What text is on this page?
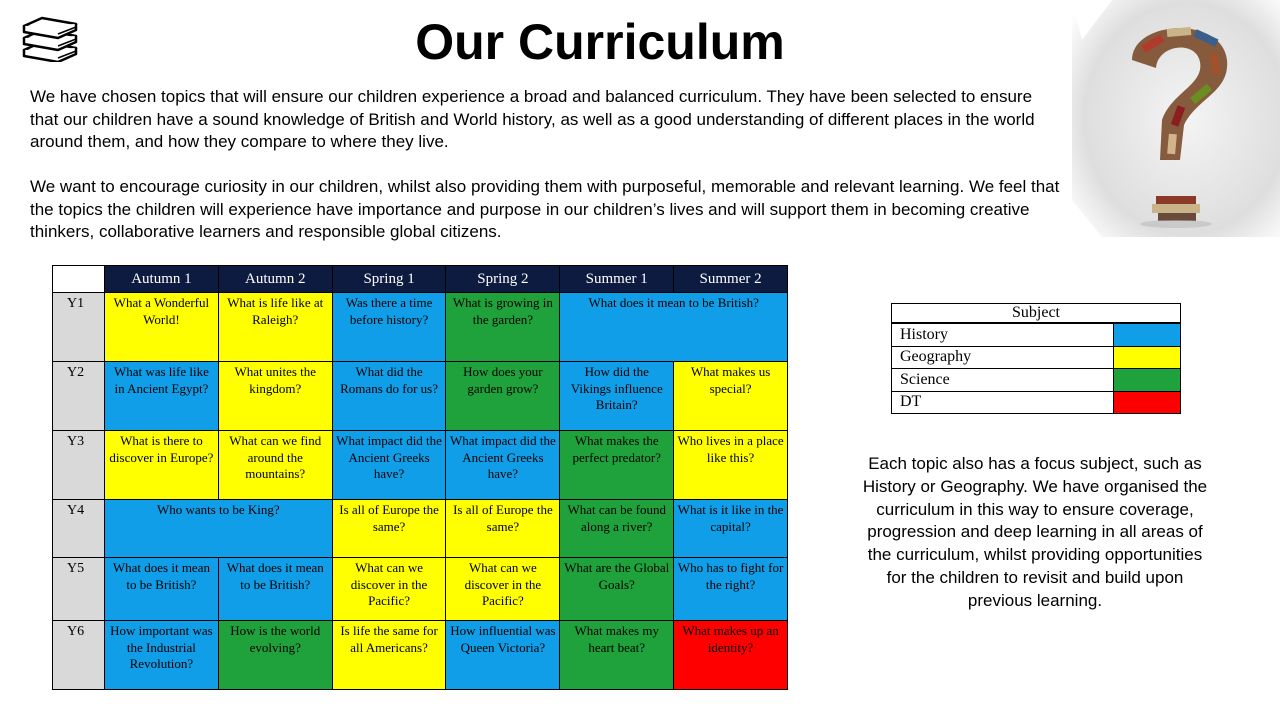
Our Curriculum

We have chosen topics that will ensure our children experience a broad and balanced curriculum. They have been selected to ensure that our children have a sound knowledge of British and World history, as well as a good understanding of different places in the world around them, and how they compare to where they live.

We want to encourage curiosity in our children, whilst also providing them with purposeful, memorable and relevant learning. We feel that the topics the children will experience have importance and purpose in our children’s lives and will support them in becoming creative thinkers, collaborative learners and responsible global citizens.

	Autumn 1	Autumn 2	Spring 1	Spring 2	Summer 1	Summer 2
Y1	What a Wonderful World!	What is life like at Raleigh?	Was there a time before history?	What is growing in the garden?	What does it mean to be British?	
Y2	What was life like in Ancient Egypt?	What unites the kingdom?	What did the Romans do for us?	How does your garden grow?	How did the Vikings influence Britain?	What makes us special?
Y3	What is there to discover in Europe?	What can we find around the mountains?	What impact did the Ancient Greeks have?	What impact did the Ancient Greeks have?	What makes the perfect predator?	Who lives in a place like this?
Y4	Who wants to be King?		Is all of Europe the same?	Is all of Europe the same?	What can be found along a river?	What is it like in the capital?
Y5	What does it mean to be British?	What does it mean to be British?	What can we discover in the Pacific?	What can we discover in the Pacific?	What are the Global Goals?	Who has to fight for the right?
Y6	How important was the Industrial Revolution?	How is the world evolving?	Is life the same for all Americans?	How influential was Queen Victoria?	What makes my heart beat?	What makes up an identity?
Subject	
History	
Geography	
Science	
DT	

Each topic also has a focus subject, such as History or Geography. We have organised the curriculum in this way to ensure coverage, progression and deep learning in all areas of the curriculum, whilst providing opportunities for the children to revisit and build upon previous learning.
